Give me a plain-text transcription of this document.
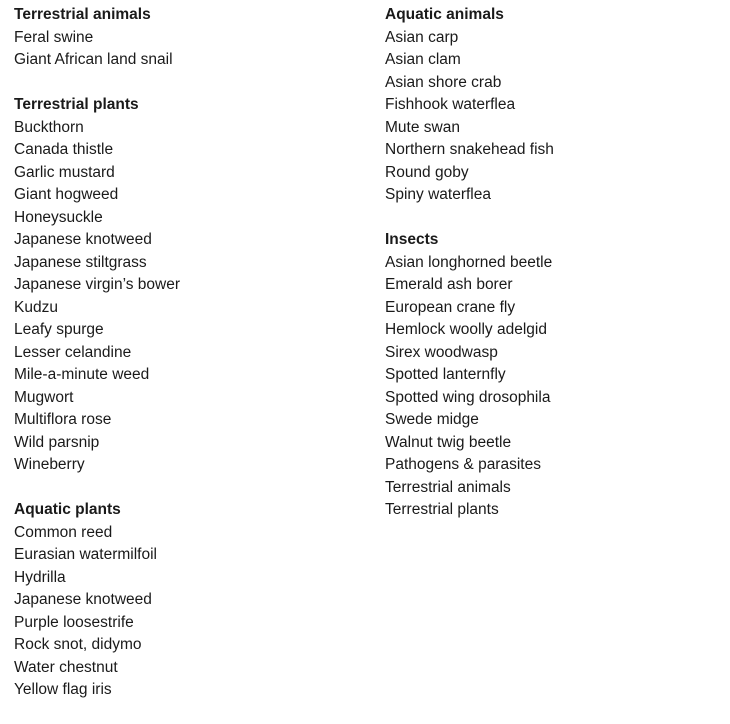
Terrestrial animals
Feral swine
Giant African land snail
Terrestrial plants
Buckthorn
Canada thistle
Garlic mustard
Giant hogweed
Honeysuckle
Japanese knotweed
Japanese stiltgrass
Japanese virgin’s bower
Kudzu
Leafy spurge
Lesser celandine
Mile-a-minute weed
Mugwort
Multiflora rose
Wild parsnip
Wineberry
Aquatic plants
Common reed
Eurasian watermilfoil
Hydrilla
Japanese knotweed
Purple loosestrife
Rock snot, didymo
Water chestnut
Yellow flag iris
Aquatic animals
Asian carp
Asian clam
Asian shore crab
Fishhook waterflea
Mute swan
Northern snakehead fish
Round goby
Spiny waterflea
Insects
Asian longhorned beetle
Emerald ash borer
European crane fly
Hemlock woolly adelgid
Sirex woodwasp
Spotted lanternfly
Spotted wing drosophila
Swede midge
Walnut twig beetle
Pathogens & parasites
Terrestrial animals
Terrestrial plants
